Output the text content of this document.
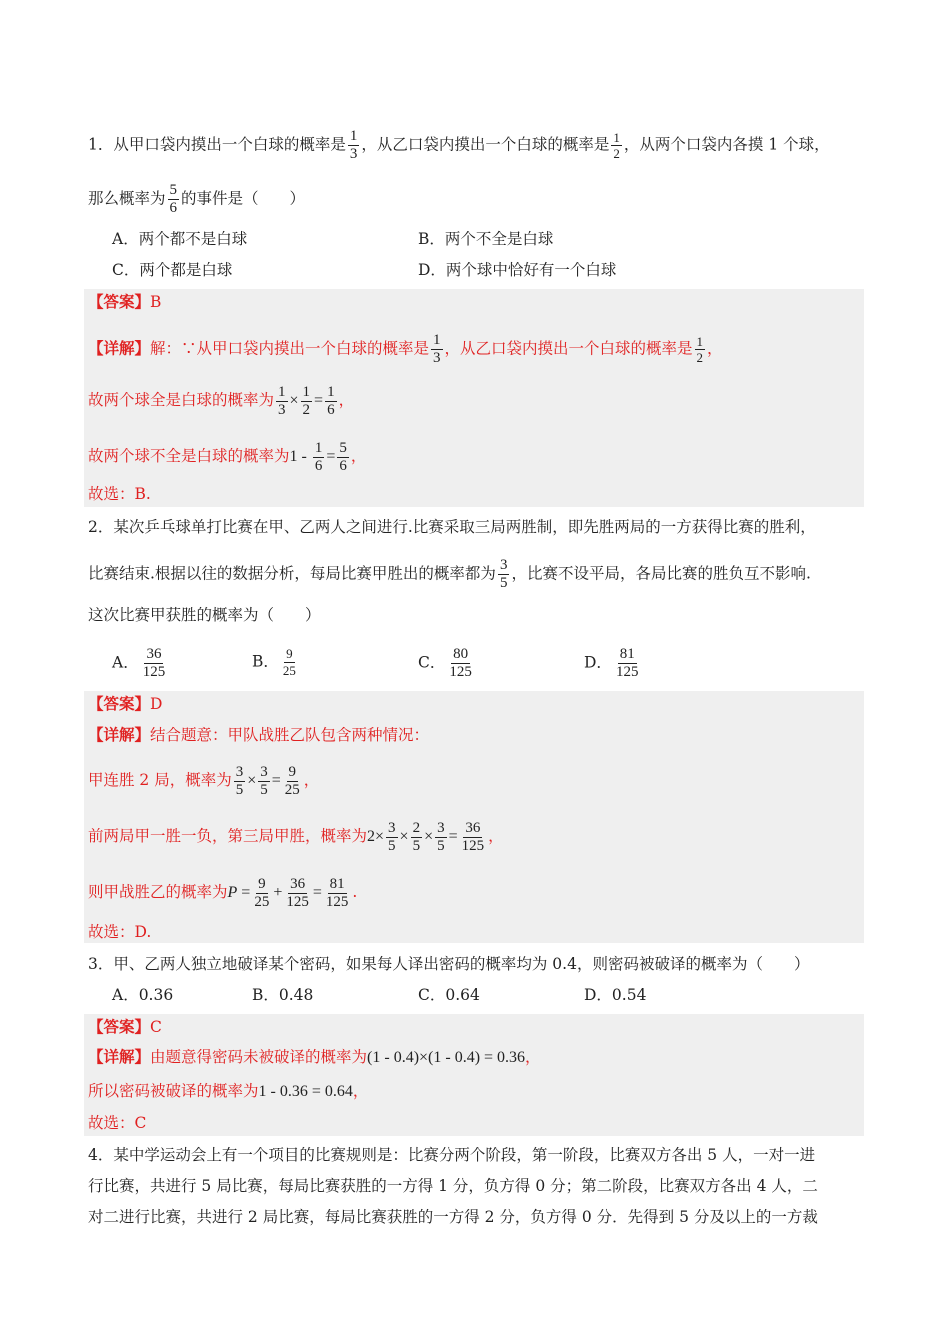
1．从甲口袋内摸出一个白球的概率是 $\frac{1}{3}$ ，从乙口袋内摸出一个白球的概率是 $\frac{1}{2}$ ，从两个口袋内各摸 1 个球，
那么概率为 $\frac{5}{6}$ 的事件是（　　）
A．两个都不是白球	B．两个不全是白球
C．两个都是白球	D．两个球中恰好有一个白球
【答案】B
【详解】解：∵从甲口袋内摸出一个白球的概率是 $\frac{1}{3}$ ，从乙口袋内摸出一个白球的概率是 $\frac{1}{2}$ ，
故两个球全是白球的概率为 $\frac{1}{3} \times \frac{1}{2} = \frac{1}{6}$ ，
故两个球不全是白球的概率为$1 - \frac{1}{6} = \frac{5}{6}$ ，
故选：B.
2．某次乒乓球单打比赛在甲、乙两人之间进行.比赛采取三局两胜制，即先胜两局的一方获得比赛的胜利，
比赛结束.根据以往的数据分析，每局比赛甲胜出的概率都为 $\frac{3}{5}$ ，比赛不设平局，各局比赛的胜负互不影响.
这次比赛甲获胜的概率为（　　）
A． $\frac{36}{125}$	B． $\frac{9}{25}$	C． $\frac{80}{125}$	D． $\frac{81}{125}$
【答案】D
【详解】结合题意：甲队战胜乙队包含两种情况：
甲连胜 2 局，概率为 $\frac{3}{5} \times \frac{3}{5} = \frac{9}{25}$ ，
前两局甲一胜一负，第三局甲胜，概率为$2\times \frac{3}{5} \times \frac{2}{5} \times \frac{3}{5} = \frac{36}{125}$ ，
则甲战胜乙的概率为$P = \frac{9}{25} + \frac{36}{125} = \frac{81}{125}$ .
故选：D.
3．甲、乙两人独立地破译某个密码，如果每人译出密码的概率均为 0.4，则密码被破译的概率为（　　）
A．0.36	B．0.48	C．0.64	D．0.54
【答案】C
【详解】由题意得密码未被破译的概率为(1 - 0.4)×(1 - 0.4) = 0.36，
所以密码被破译的概率为1 - 0.36 = 0.64，
故选：C
4．某中学运动会上有一个项目的比赛规则是：比赛分两个阶段，第一阶段，比赛双方各出 5 人，一对一进
行比赛，共进行 5 局比赛，每局比赛获胜的一方得 1 分，负方得 0 分；第二阶段，比赛双方各出 4 人，二
对二进行比赛，共进行 2 局比赛，每局比赛获胜的一方得 2 分，负方得 0 分．先得到 5 分及以上的一方裁
